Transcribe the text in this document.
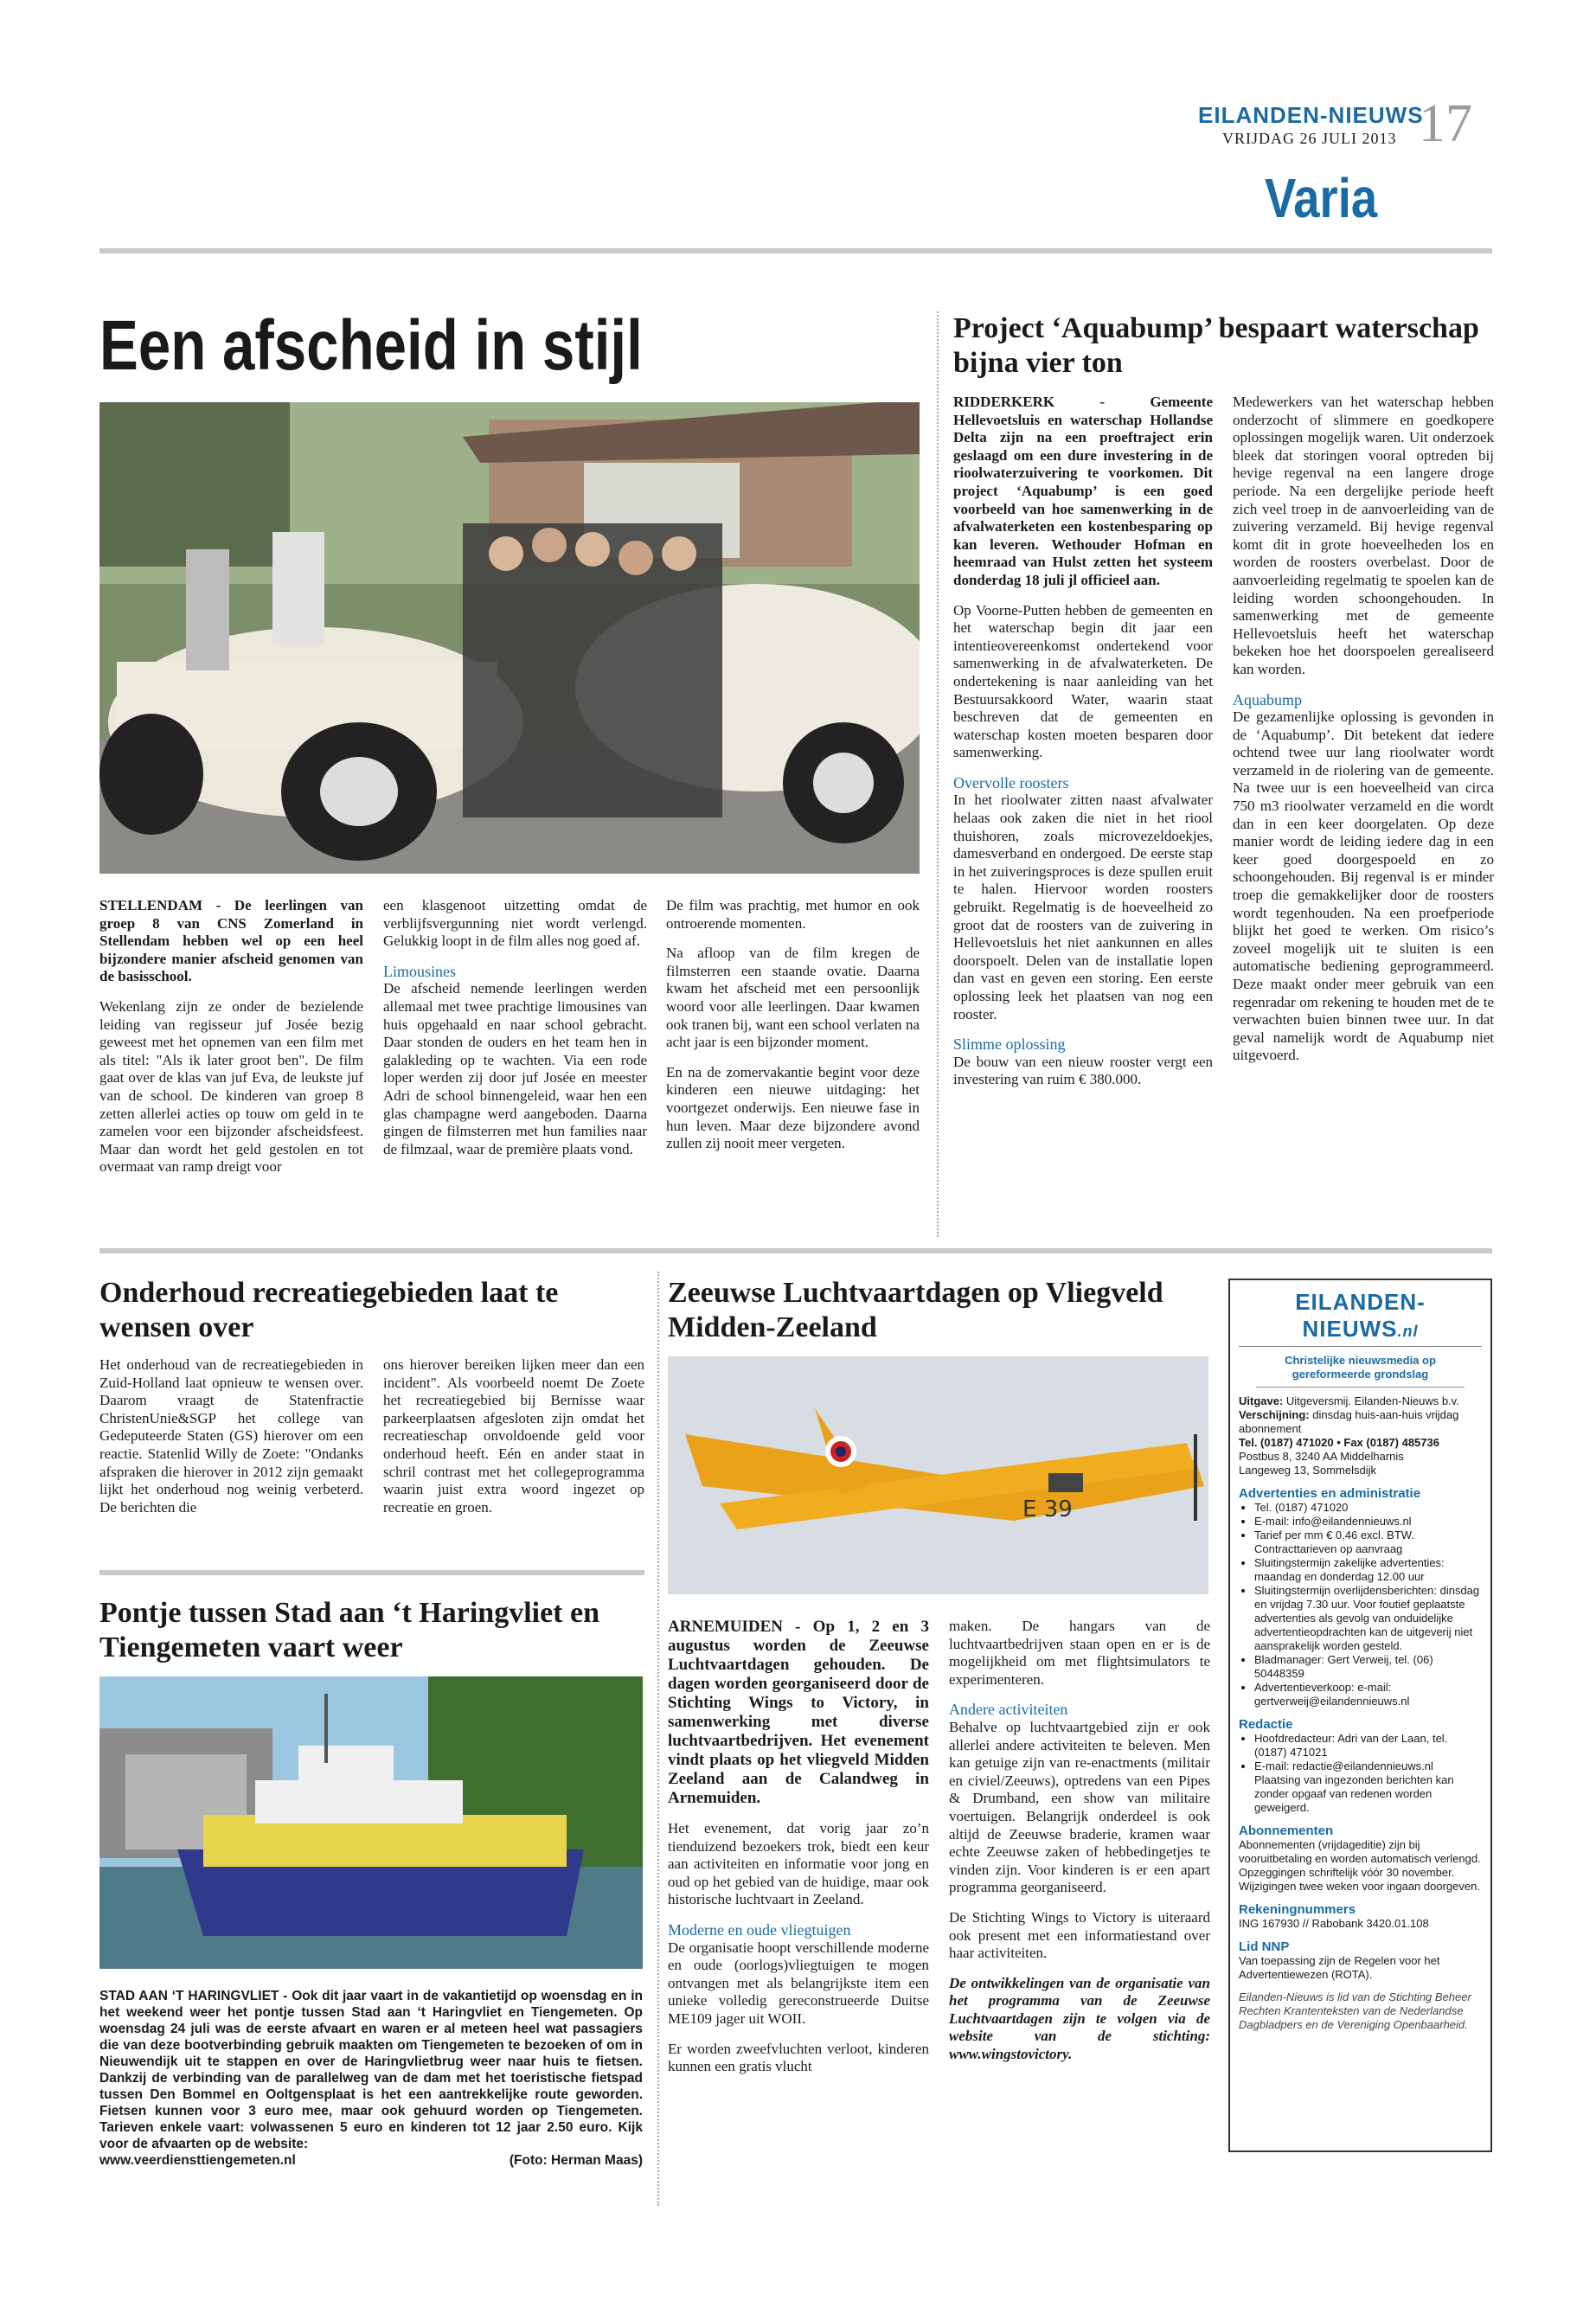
EILANDEN-NIEUWS
VRIJDAG 26 JULI 2013 17
Varia
Een afscheid in stijl

STELLENDAM - De leerlingen van groep 8 van CNS Zomerland in Stellendam hebben wel op een heel bijzondere manier afscheid genomen van de basisschool.

Wekenlang zijn ze onder de bezielende leiding van regisseur juf Josée bezig geweest met het opnemen van een film met als titel: "Als ik later groot ben". De film gaat over de klas van juf Eva, de leukste juf van de school. De kinderen van groep 8 zetten allerlei acties op touw om geld in te zamelen voor een bijzonder afscheidsfeest. Maar dan wordt het geld gestolen en tot overmaat van ramp dreigt voor

een klasgenoot uitzetting omdat de verblijfsvergunning niet wordt verlengd. Gelukkig loopt in de film alles nog goed af.

Limousines

De afscheid nemende leerlingen werden allemaal met twee prachtige limousines van huis opgehaald en naar school gebracht. Daar stonden de ouders en het team hen in galakleding op te wachten. Via een rode loper werden zij door juf Josée en meester Adri de school binnengeleid, waar hen een glas champagne werd aangeboden. Daarna gingen de filmsterren met hun families naar de filmzaal, waar de première plaats vond.

De film was prachtig, met humor en ook ontroerende momenten.

Na afloop van de film kregen de filmsterren een staande ovatie. Daarna kwam het afscheid met een persoonlijk woord voor alle leerlingen. Daar kwamen ook tranen bij, want een school verlaten na acht jaar is een bijzonder moment.

En na de zomervakantie begint voor deze kinderen een nieuwe uitdaging: het voortgezet onderwijs. Een nieuwe fase in hun leven. Maar deze bijzondere avond zullen zij nooit meer vergeten.

Project ‘Aquabump’ bespaart waterschap bijna vier ton

RIDDERKERK - Gemeente Hellevoetsluis en waterschap Hollandse Delta zijn na een proeftraject erin geslaagd om een dure investering in de rioolwaterzuivering te voorkomen. Dit project ‘Aquabump’ is een goed voorbeeld van hoe samenwerking in de afvalwaterketen een kostenbesparing op kan leveren. Wethouder Hofman en heemraad van Hulst zetten het systeem donderdag 18 juli jl officieel aan.

Op Voorne-Putten hebben de gemeenten en het waterschap begin dit jaar een intentieovereenkomst ondertekend voor samenwerking in de afvalwaterketen. De ondertekening is naar aanleiding van het Bestuursakkoord Water, waarin staat beschreven dat de gemeenten en waterschap kosten moeten besparen door samenwerking.

Overvolle roosters

In het rioolwater zitten naast afvalwater helaas ook zaken die niet in het riool thuishoren, zoals microvezeldoekjes, damesverband en ondergoed. De eerste stap in het zuiveringsproces is deze spullen eruit te halen. Hiervoor worden roosters gebruikt. Regelmatig is de hoeveelheid zo groot dat de roosters van de zuivering in Hellevoetsluis het niet aankunnen en alles doorspoelt. Delen van de installatie lopen dan vast en geven een storing. Een eerste oplossing leek het plaatsen van nog een rooster.

Slimme oplossing

De bouw van een nieuw rooster vergt een investering van ruim € 380.000.

Medewerkers van het waterschap hebben onderzocht of slimmere en goedkopere oplossingen mogelijk waren. Uit onderzoek bleek dat storingen vooral optreden bij hevige regenval na een langere droge periode. Na een dergelijke periode heeft zich veel troep in de aanvoerleiding van de zuivering verzameld. Bij hevige regenval komt dit in grote hoeveelheden los en worden de roosters overbelast. Door de aanvoerleiding regelmatig te spoelen kan de leiding worden schoongehouden. In samenwerking met de gemeente Hellevoetsluis heeft het waterschap bekeken hoe het doorspoelen gerealiseerd kan worden.

Aquabump

De gezamenlijke oplossing is gevonden in de ‘Aquabump’. Dit betekent dat iedere ochtend twee uur lang rioolwater wordt verzameld in de riolering van de gemeente. Na twee uur is een hoeveelheid van circa 750 m3 rioolwater verzameld en die wordt dan in een keer doorgelaten. Op deze manier wordt de leiding iedere dag in een keer goed doorgespoeld en zo schoongehouden. Bij regenval is er minder troep die gemakkelijker door de roosters wordt tegenhouden. Na een proefperiode blijkt het goed te werken. Om risico’s zoveel mogelijk uit te sluiten is een automatische bediening geprogrammeerd. Deze maakt onder meer gebruik van een regenradar om rekening te houden met de te verwachten buien binnen twee uur. In dat geval namelijk wordt de Aquabump niet uitgevoerd.

Onderhoud recreatiegebieden laat te wensen over

Het onderhoud van de recreatiegebieden in Zuid-Holland laat opnieuw te wensen over. Daarom vraagt de Statenfractie ChristenUnie&SGP het college van Gedeputeerde Staten (GS) hierover om een reactie. Statenlid Willy de Zoete: "Ondanks afspraken die hierover in 2012 zijn gemaakt lijkt het onderhoud nog weinig verbeterd. De berichten die

ons hierover bereiken lijken meer dan een incident". Als voorbeeld noemt De Zoete het recreatiegebied bij Bernisse waar parkeerplaatsen afgesloten zijn omdat het recreatieschap onvoldoende geld voor onderhoud heeft. Eén en ander staat in schril contrast met het collegeprogramma waarin juist extra woord ingezet op recreatie en groen.

Pontje tussen Stad aan ‘t Haringvliet en Tiengemeten vaart weer
STAD AAN ‘T HARINGVLIET - Ook dit jaar vaart in de vakantietijd op woensdag en in het weekend weer het pontje tussen Stad aan ‘t Haringvliet en Tiengemeten. Op woensdag 24 juli was de eerste afvaart en waren er al meteen heel wat passagiers die van deze bootverbinding gebruik maakten om Tiengemeten te bezoeken of om in Nieuwendijk uit te stappen en over de Haringvlietbrug weer naar huis te fietsen. Dankzij de verbinding van de parallelweg van de dam met het toeristische fietspad tussen Den Bommel en Ooltgensplaat is het een aantrekkelijke route geworden. Fietsen kunnen voor 3 euro mee, maar ook gehuurd worden op Tiengemeten. Tarieven enkele vaart: volwassenen 5 euro en kinderen tot 12 jaar 2.50 euro. Kijk voor de afvaarten op de website:
www.veerdiensttiengemeten.nl	(Foto: Herman Maas)
Zeeuwse Luchtvaartdagen op Vliegveld Midden-Zeeland
E 39

ARNEMUIDEN - Op 1, 2 en 3 augustus worden de Zeeuwse Luchtvaartdagen gehouden. De dagen worden georganiseerd door de Stichting Wings to Victory, in samenwerking met diverse luchtvaartbedrijven. Het evenement vindt plaats op het vliegveld Midden Zeeland aan de Calandweg in Arnemuiden.

Het evenement, dat vorig jaar zo’n tienduizend bezoekers trok, biedt een keur aan activiteiten en informatie voor jong en oud op het gebied van de huidige, maar ook historische luchtvaart in Zeeland.

Moderne en oude vliegtuigen

De organisatie hoopt verschillende moderne en oude (oorlogs)vliegtuigen te mogen ontvangen met als belangrijkste item een unieke volledig gereconstrueerde Duitse ME109 jager uit WOII.

Er worden zweefvluchten verloot, kinderen kunnen een gratis vlucht

maken. De hangars van de luchtvaartbedrijven staan open en er is de mogelijkheid om met flightsimulators te experimenteren.

Andere activiteiten

Behalve op luchtvaartgebied zijn er ook allerlei andere activiteiten te beleven. Men kan getuige zijn van re-enactments (militair en civiel/Zeeuws), optredens van een Pipes & Drumband, een show van militaire voertuigen. Belangrijk onderdeel is ook altijd de Zeeuwse braderie, kramen waar echte Zeeuwse zaken of hebbedingetjes te vinden zijn. Voor kinderen is er een apart programma georganiseerd.

De Stichting Wings to Victory is uiteraard ook present met een informatiestand over haar activiteiten.

De ontwikkelingen van de organisatie van het programma van de Zeeuwse Luchtvaartdagen zijn te volgen via de website van de stichting: www.wingstovictory.

EILANDEN-NIEUWS.nl
Christelijke nieuwsmedia op gereformeerde grondslag
Uitgave: Uitgeversmij. Eilanden-Nieuws b.v.
Verschijning: dinsdag huis-aan-huis vrijdag abonnement
Tel. (0187) 471020 • Fax (0187) 485736
Postbus 8, 3240 AA Middelharnis
Langeweg 13, Sommelsdijk
Advertenties en administratie
• Tel. (0187) 471020
• E-mail: info@eilandennieuws.nl
• Tarief per mm € 0,46 excl. BTW. Contracttarieven op aanvraag
• Sluitingstermijn zakelijke advertenties: maandag en donderdag 12.00 uur
• Sluitingstermijn overlijdensberichten: dinsdag en vrijdag 7.30 uur. Voor foutief geplaatste advertenties als gevolg van onduidelijke advertentieopdrachten kan de uitgeverij niet aansprakelijk worden gesteld.
• Bladmanager: Gert Verweij, tel. (06) 50448359
• Advertentieverkoop: e-mail: gertverweij@eilandennieuws.nl
Redactie
• Hoofdredacteur: Adri van der Laan, tel. (0187) 471021
• E-mail: redactie@eilandennieuws.nl Plaatsing van ingezonden berichten kan zonder opgaaf van redenen worden geweigerd.
Abonnementen
Abonnementen (vrijdageditie) zijn bij vooruitbetaling en worden automatisch verlengd. Opzeggingen schriftelijk vóór 30 november. Wijzigingen twee weken voor ingaan doorgeven.
Rekeningnummers
ING 167930 // Rabobank 3420.01.108
Lid NNP
Van toepassing zijn de Regelen voor het Advertentiewezen (ROTA).
Eilanden-Nieuws is lid van de Stichting Beheer Rechten Krantenteksten van de Nederlandse Dagbladpers en de Vereniging Openbaarheid.
